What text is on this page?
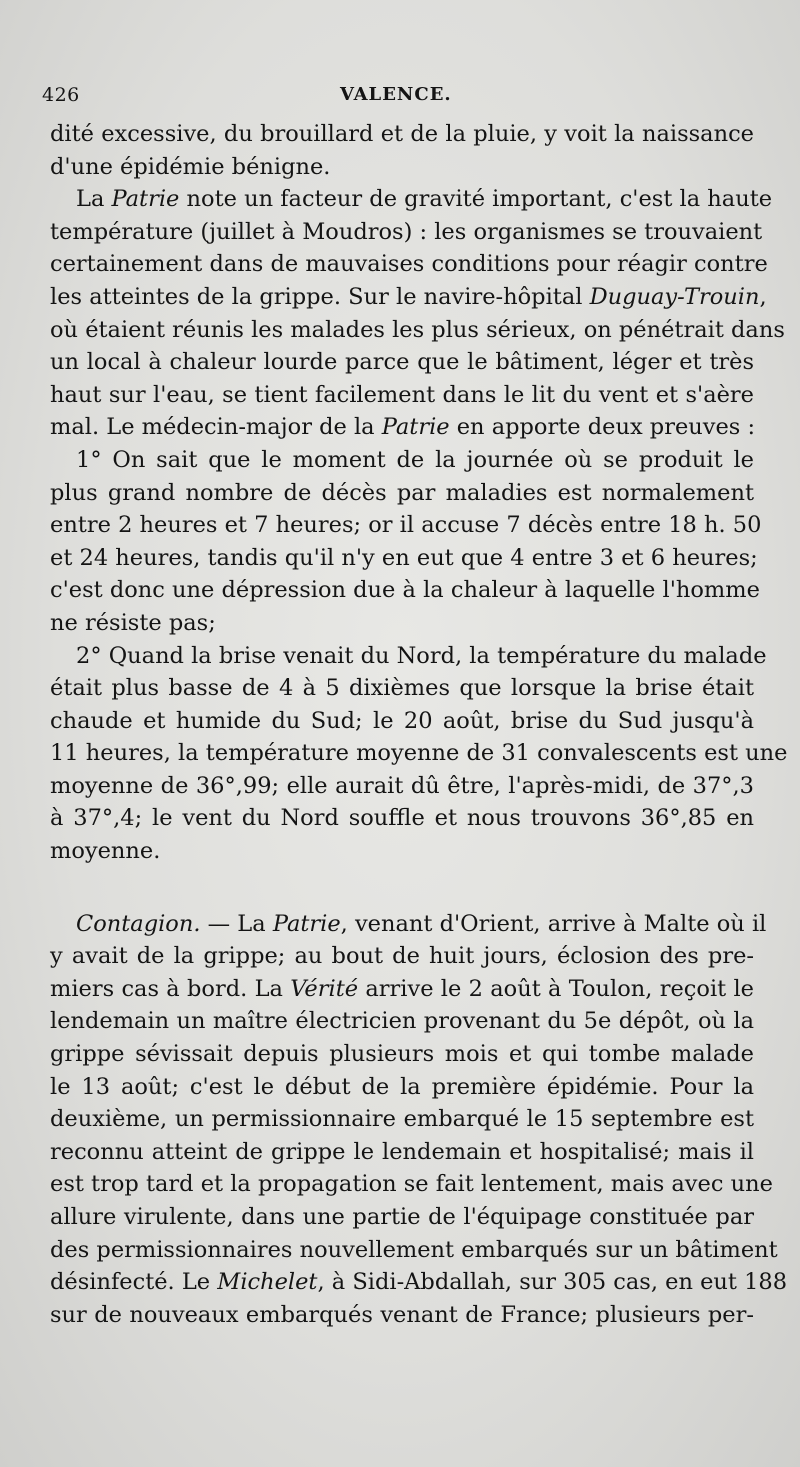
426	VALENCE.
dité excessive, du brouillard et de la pluie, y voit la naissance
d'une épidémie bénigne.
La Patrie note un facteur de gravité important, c'est la haute
température (juillet à Moudros) : les organismes se trouvaient
certainement dans de mauvaises conditions pour réagir contre
les atteintes de la grippe. Sur le navire-hôpital Duguay-Trouin,
où étaient réunis les malades les plus sérieux, on pénétrait dans
un local à chaleur lourde parce que le bâtiment, léger et très
haut sur l'eau, se tient facilement dans le lit du vent et s'aère
mal. Le médecin-major de la Patrie en apporte deux preuves :
1° On sait que le moment de la journée où se produit le
plus grand nombre de décès par maladies est normalement
entre 2 heures et 7 heures; or il accuse 7 décès entre 18 h. 50
et 24 heures, tandis qu'il n'y en eut que 4 entre 3 et 6 heures;
c'est donc une dépression due à la chaleur à laquelle l'homme
ne résiste pas;
2° Quand la brise venait du Nord, la température du malade
était plus basse de 4 à 5 dixièmes que lorsque la brise était
chaude et humide du Sud; le 20 août, brise du Sud jusqu'à
11 heures, la température moyenne de 31 convalescents est une
moyenne de 36°,99; elle aurait dû être, l'après-midi, de 37°,3
à 37°,4; le vent du Nord souffle et nous trouvons 36°,85 en
moyenne.
Contagion. — La Patrie, venant d'Orient, arrive à Malte où il
y avait de la grippe; au bout de huit jours, éclosion des pre-
miers cas à bord. La Vérité arrive le 2 août à Toulon, reçoit le
lendemain un maître électricien provenant du 5e dépôt, où la
grippe sévissait depuis plusieurs mois et qui tombe malade
le 13 août; c'est le début de la première épidémie. Pour la
deuxième, un permissionnaire embarqué le 15 septembre est
reconnu atteint de grippe le lendemain et hospitalisé; mais il
est trop tard et la propagation se fait lentement, mais avec une
allure virulente, dans une partie de l'équipage constituée par
des permissionnaires nouvellement embarqués sur un bâtiment
désinfecté. Le Michelet, à Sidi-Abdallah, sur 305 cas, en eut 188
sur de nouveaux embarqués venant de France; plusieurs per-
